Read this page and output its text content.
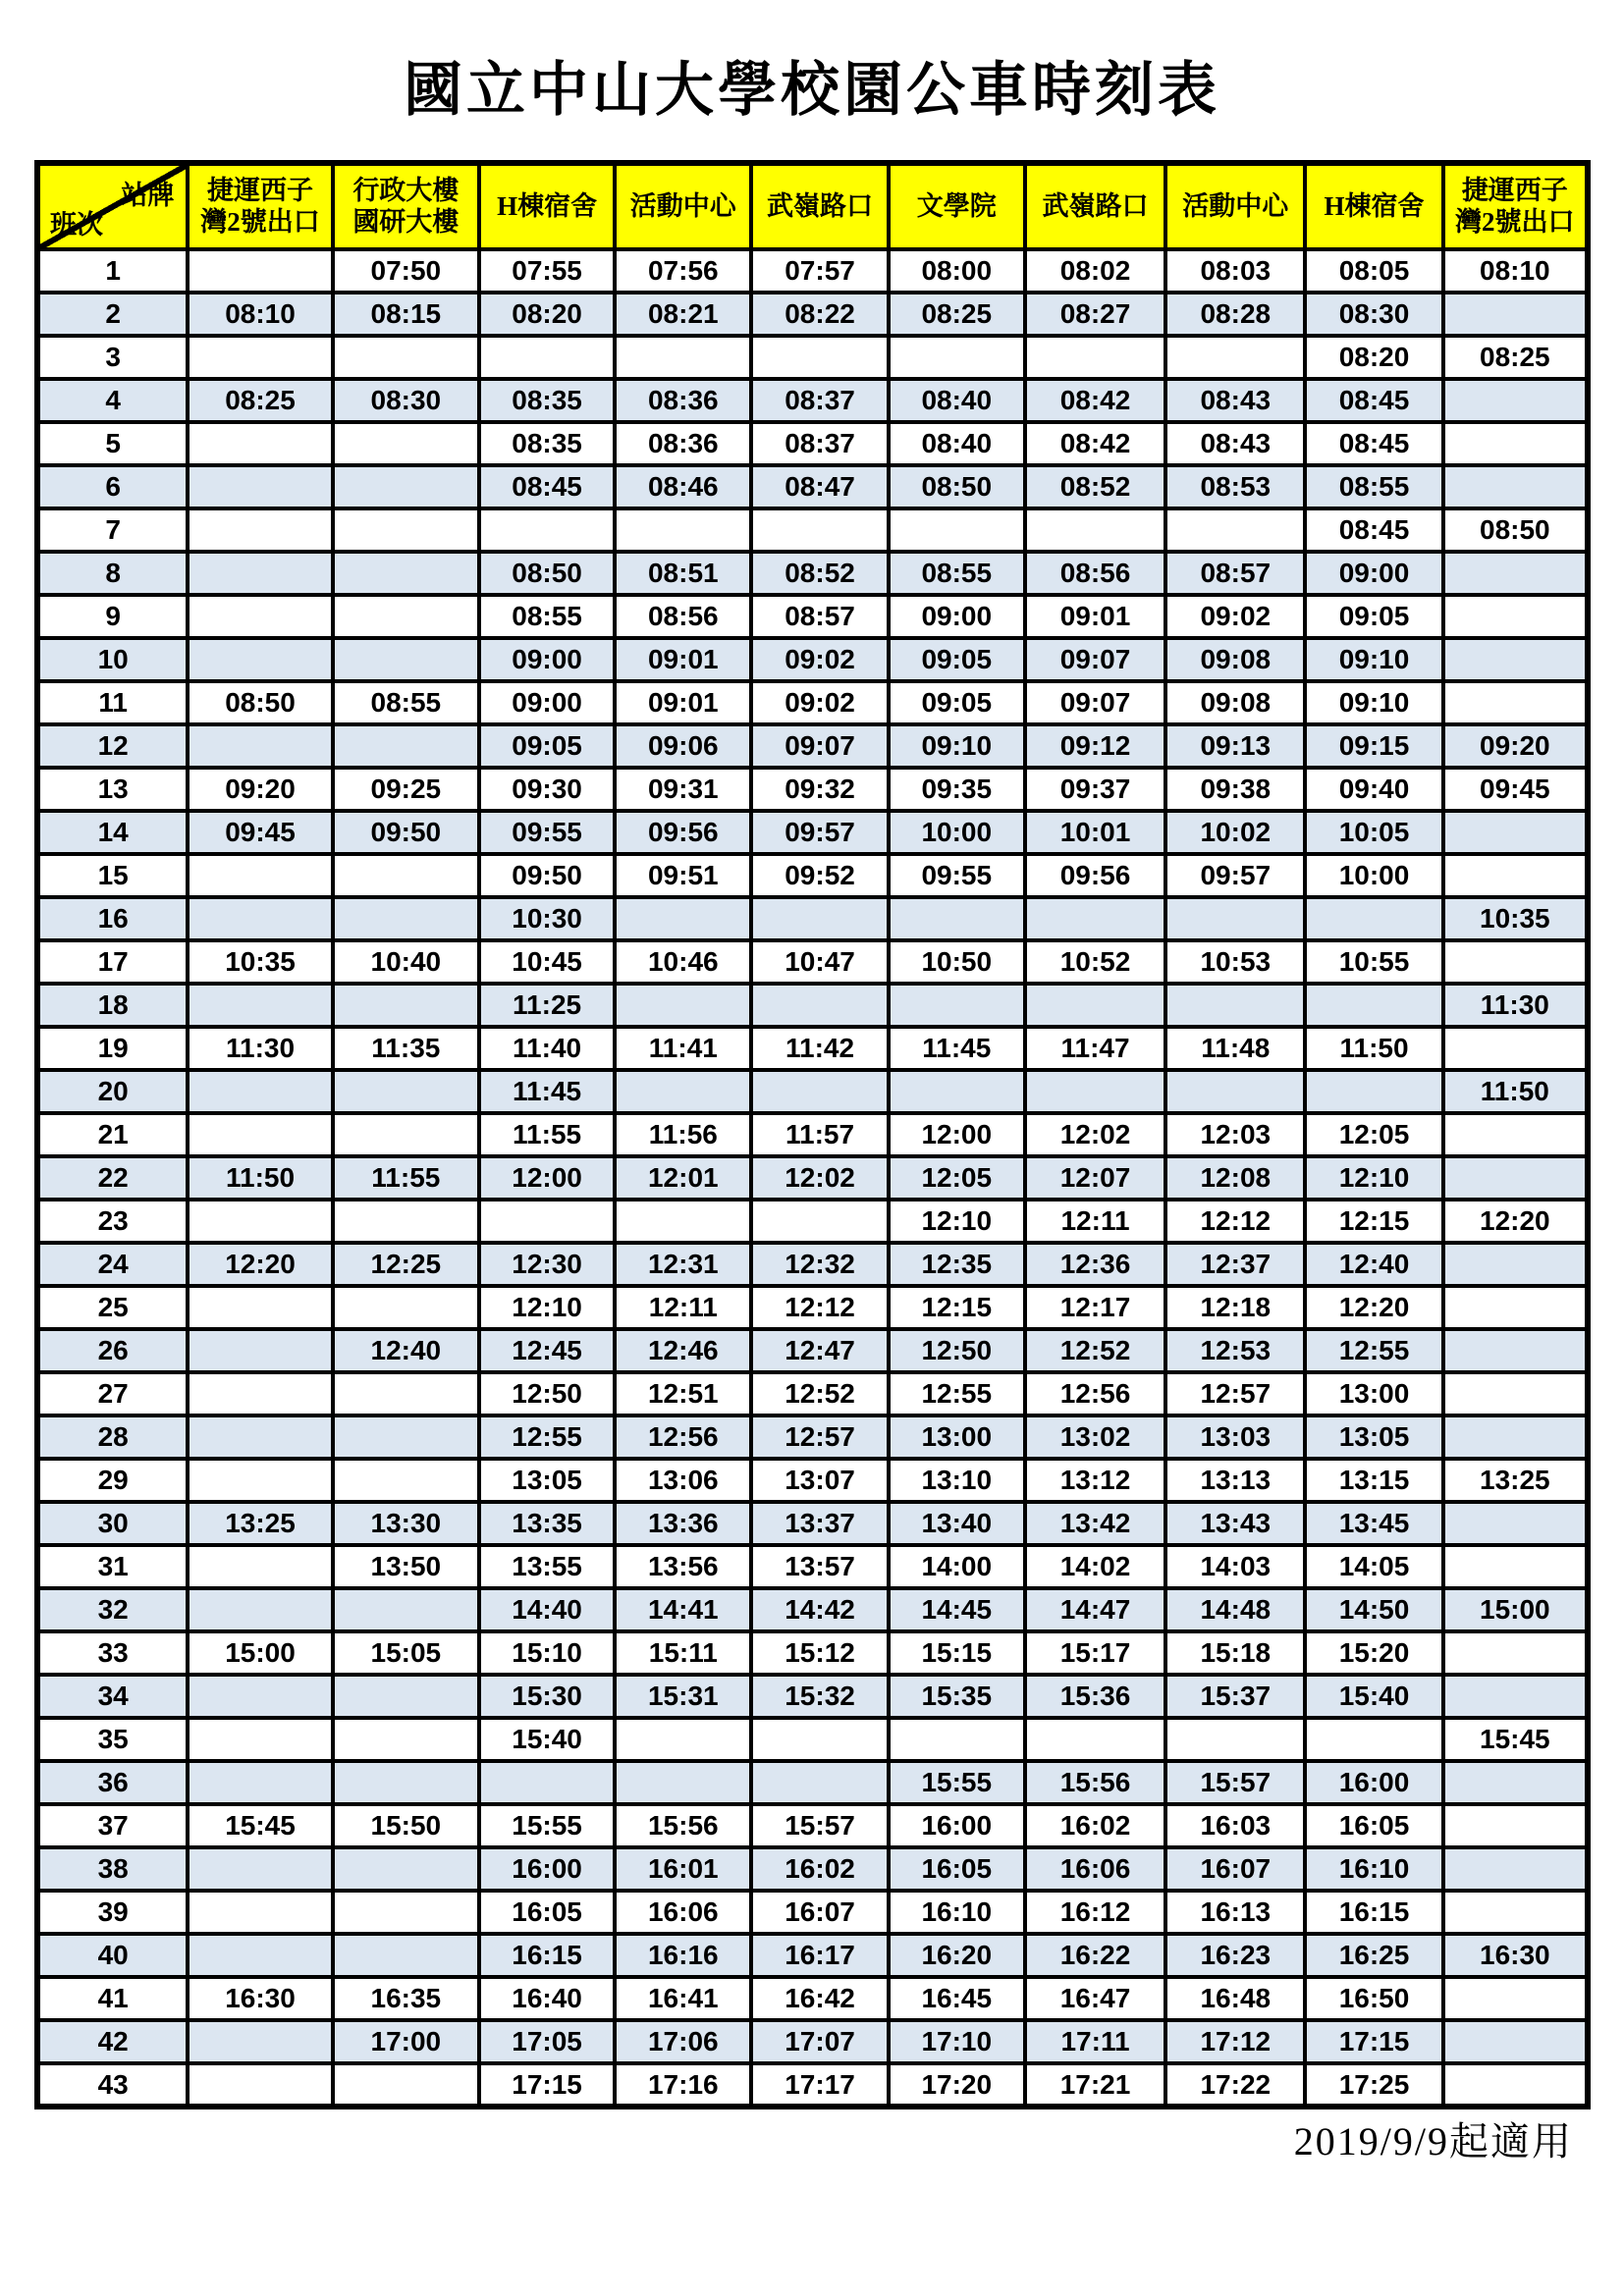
國立中山大學校園公車時刻表
站牌
班次

捷運西子
灣2號出口

行政大樓
國研大樓

H棟宿舍	活動中心	武嶺路口	文學院	武嶺路口	活動中心	H棟宿舍

捷運西子
灣2號出口

1		07:50	07:55	07:56	07:57	08:00	08:02	08:03	08:05	08:10
2	08:10	08:15	08:20	08:21	08:22	08:25	08:27	08:28	08:30	
3									08:20	08:25
4	08:25	08:30	08:35	08:36	08:37	08:40	08:42	08:43	08:45	
5			08:35	08:36	08:37	08:40	08:42	08:43	08:45	
6			08:45	08:46	08:47	08:50	08:52	08:53	08:55	
7									08:45	08:50
8			08:50	08:51	08:52	08:55	08:56	08:57	09:00	
9			08:55	08:56	08:57	09:00	09:01	09:02	09:05	
10			09:00	09:01	09:02	09:05	09:07	09:08	09:10	
11	08:50	08:55	09:00	09:01	09:02	09:05	09:07	09:08	09:10	
12			09:05	09:06	09:07	09:10	09:12	09:13	09:15	09:20
13	09:20	09:25	09:30	09:31	09:32	09:35	09:37	09:38	09:40	09:45
14	09:45	09:50	09:55	09:56	09:57	10:00	10:01	10:02	10:05	
15			09:50	09:51	09:52	09:55	09:56	09:57	10:00	
16			10:30							10:35
17	10:35	10:40	10:45	10:46	10:47	10:50	10:52	10:53	10:55	
18			11:25							11:30
19	11:30	11:35	11:40	11:41	11:42	11:45	11:47	11:48	11:50	
20			11:45							11:50
21			11:55	11:56	11:57	12:00	12:02	12:03	12:05	
22	11:50	11:55	12:00	12:01	12:02	12:05	12:07	12:08	12:10	
23						12:10	12:11	12:12	12:15	12:20
24	12:20	12:25	12:30	12:31	12:32	12:35	12:36	12:37	12:40	
25			12:10	12:11	12:12	12:15	12:17	12:18	12:20	
26		12:40	12:45	12:46	12:47	12:50	12:52	12:53	12:55	
27			12:50	12:51	12:52	12:55	12:56	12:57	13:00	
28			12:55	12:56	12:57	13:00	13:02	13:03	13:05	
29			13:05	13:06	13:07	13:10	13:12	13:13	13:15	13:25
30	13:25	13:30	13:35	13:36	13:37	13:40	13:42	13:43	13:45	
31		13:50	13:55	13:56	13:57	14:00	14:02	14:03	14:05	
32			14:40	14:41	14:42	14:45	14:47	14:48	14:50	15:00
33	15:00	15:05	15:10	15:11	15:12	15:15	15:17	15:18	15:20	
34			15:30	15:31	15:32	15:35	15:36	15:37	15:40	
35			15:40							15:45
36						15:55	15:56	15:57	16:00	
37	15:45	15:50	15:55	15:56	15:57	16:00	16:02	16:03	16:05	
38			16:00	16:01	16:02	16:05	16:06	16:07	16:10	
39			16:05	16:06	16:07	16:10	16:12	16:13	16:15	
40			16:15	16:16	16:17	16:20	16:22	16:23	16:25	16:30
41	16:30	16:35	16:40	16:41	16:42	16:45	16:47	16:48	16:50	
42		17:00	17:05	17:06	17:07	17:10	17:11	17:12	17:15	
43			17:15	17:16	17:17	17:20	17:21	17:22	17:25	
2019/9/9起適用
